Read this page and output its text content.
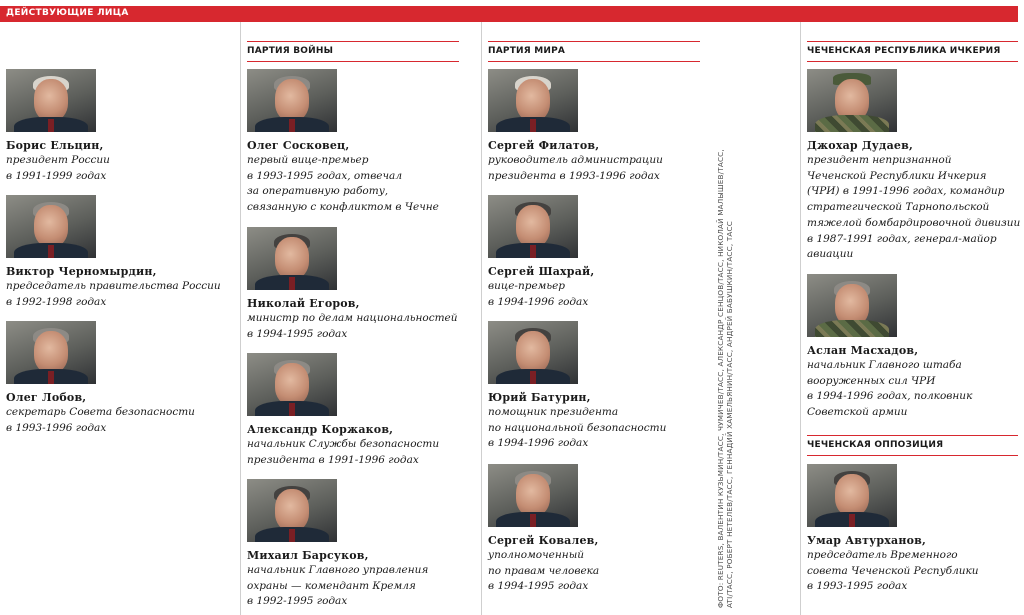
ДЕЙСТВУЮЩИЕ ЛИЦА
ПАРТИЯ ВОЙНЫ	ПАРТИЯ МИРА	ЧЕЧЕНСКАЯ РЕСПУБЛИКА ИЧКЕРИЯ
ЧЕЧЕНСКАЯ ОППОЗИЦИЯ
Борис Ельцин,
президент России
в 1991-1999 годах
Виктор Черномырдин,
председатель правительства России
в 1992-1998 годах
Олег Лобов,
секретарь Совета безопасности
в 1993-1996 годах
Олег Сосковец,
первый вице-премьер
в 1993-1995 годах, отвечал
за оперативную работу,
связанную с конфликтом в Чечне
Николай Егоров,
министр по делам национальностей
в 1994-1995 годах
Александр Коржаков,
начальник Службы безопасности
президента в 1991-1996 годах
Михаил Барсуков,
начальник Главного управления
охраны — комендант Кремля
в 1992-1995 годах
Сергей Филатов,
руководитель администрации
президента в 1993-1996 годах
Сергей Шахрай,
вице-премьер
в 1994-1996 годах
Юрий Батурин,
помощник президента
по национальной безопасности
в 1994-1996 годах
Сергей Ковалев,
уполномоченный
по правам человека
в 1994-1995 годах	ФОТО: REUTERS, ВАЛЕНТИН КУЗЬМИН/ТАСС, ЧУМИЧЕВ/ТАСС, АЛЕКСАНДР СЕНЦОВ/ТАСС, НИКОЛАЙ МАЛЫШЕВ/ТАСС, ATI/ТАСС, РОБЕРТ НЕТЕЛЕВ/ТАСС, ГЕННАДИЙ ХАМЕЛЬЯНИН/ТАСС, АНДРЕЙ БАБУШКИН/ТАСС, ТАСС
Джохар Дудаев,
президент непризнанной
Чеченской Республики Ичкерия
(ЧРИ) в 1991-1996 годах, командир
стратегической Тарнопольской
тяжелой бомбардировочной дивизии
в 1987-1991 годах, генерал-майор
авиации
Аслан Масхадов,
начальник Главного штаба
вооруженных сил ЧРИ
в 1994-1996 годах, полковник
Советской армии
Умар Автурханов,
председатель Временного
совета Чеченской Республики
в 1993-1995 годах
